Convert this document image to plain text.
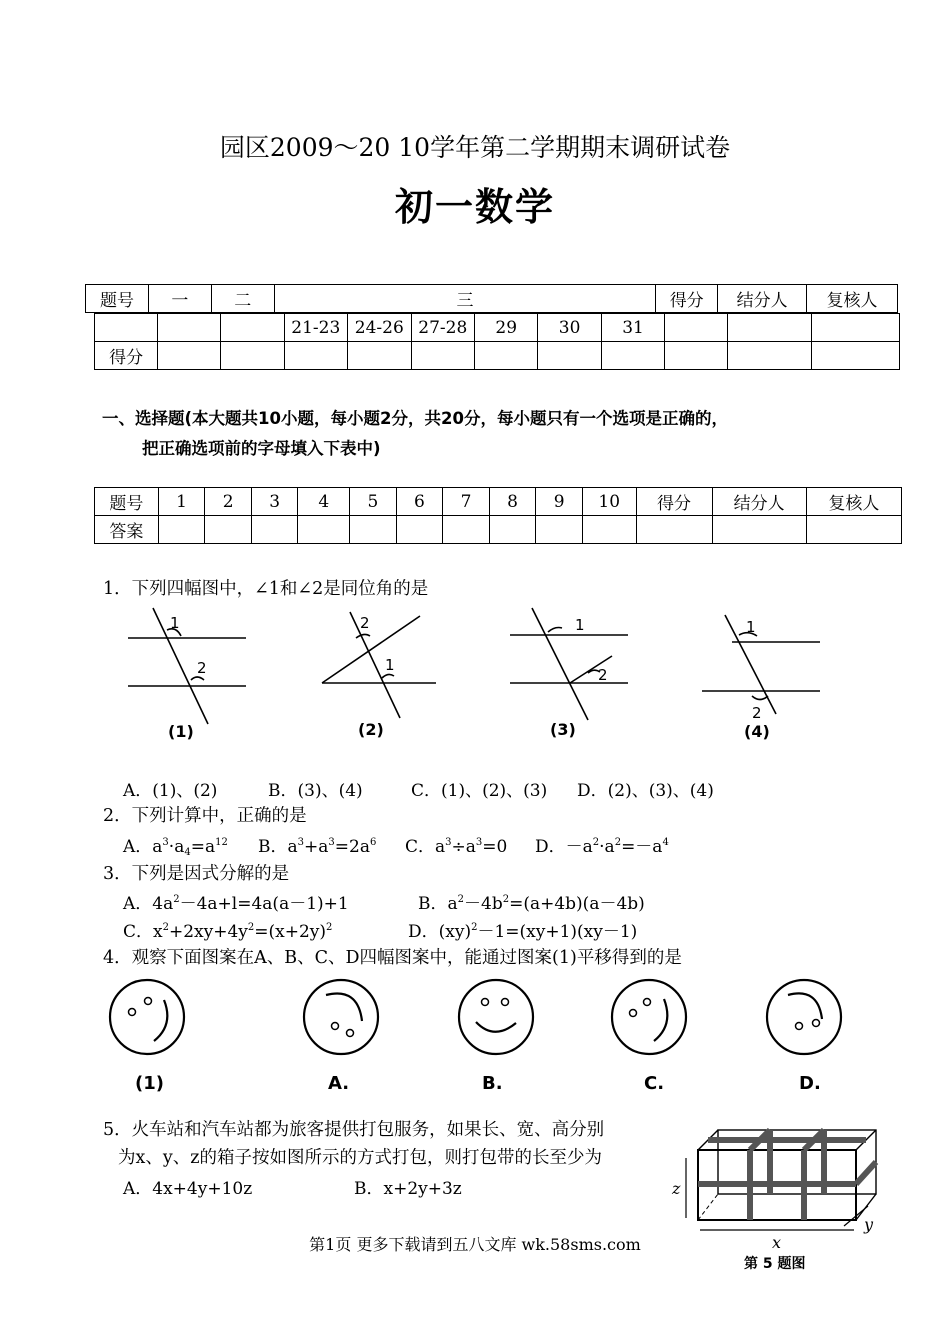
园区2009～20 10学年第二学期期末调研试卷
初一数学
题号	一	二	三	得分	结分人	复核人
			21-23	24-26	27-28	29	30	31			
得分											
一、选择题(本大题共10小题，每小题2分，共20分，每小题只有一个选项是正确的，
把正确选项前的字母填入下表中)
题号	1	2	3	4	5	6	7	8	9	10	得分	结分人	复核人
答案													
1．下列四幅图中，∠1和∠2是同位角的是
1
2
2
1
1
2
1
2
(1)	(2)	(3)	(4)
A．(1)、(2)	B．(3)、(4)	C．(1)、(2)、(3) D．(2)、(3)、(4)
2．下列计算中，正确的是
A．$a^3\cdot a_4=a^{12}$ B．$a^3+a^3=2a^6$ C．$a^3\div a^3=0$ D．$-a^2\cdot a^2=-a^4$
3．下列是因式分解的是
A．$4a^2-4a+l=4a(a-1)+1$	B．$a^2-4b^2=(a+4b)(a-4b)$
C．$x^2+2xy+4y^2=(x+2y)^2$	D．(xy)$^2$－1=(xy+1)(xy－1)
4．观察下面图案在A、B、C、D四幅图案中，能通过图案(1)平移得到的是
(1)	A.	B.	C.	D.
5．火车站和汽车站都为旅客提供打包服务，如果长、宽、高分别
为x、y、z的箱子按如图所示的方式打包，则打包带的长至少为
A．4x+4y+10z	B．x+2y+3z
x
y
z
第 5 题图
第1页 更多下载请到五八文库 wk.58sms.com
